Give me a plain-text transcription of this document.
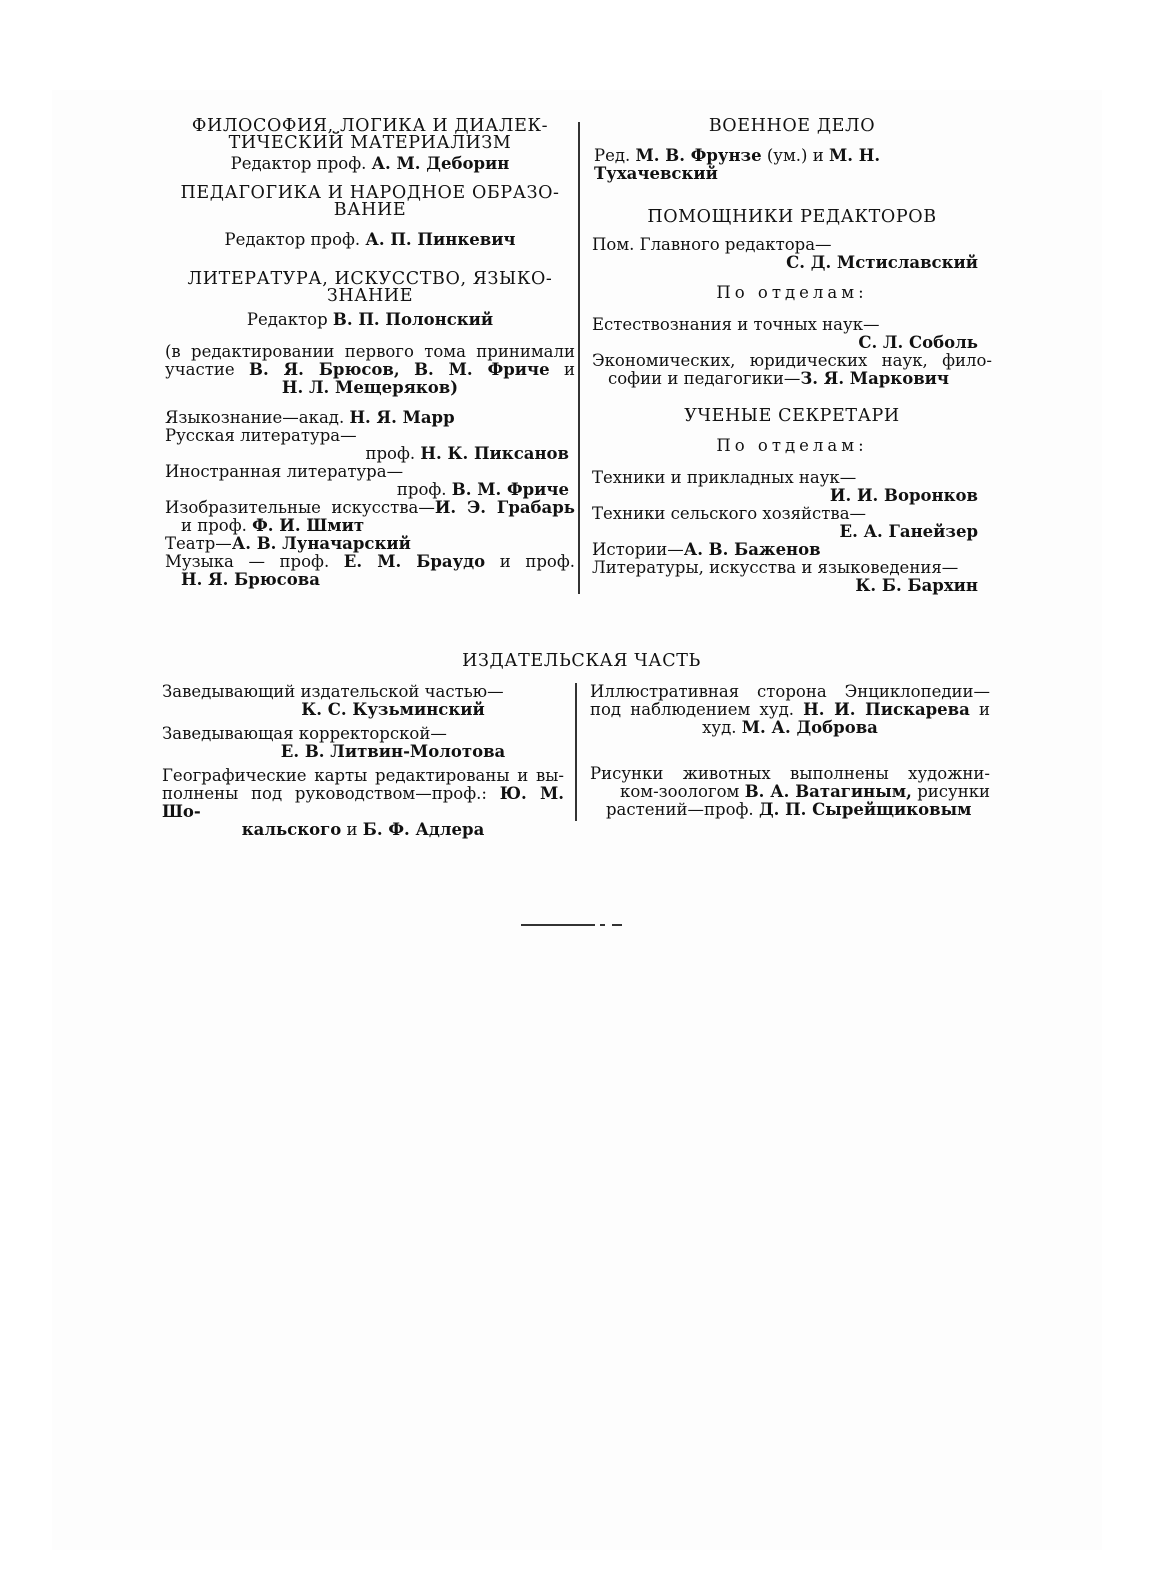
ФИЛОСОФИЯ, ЛОГИКА И ДИАЛЕК-
ТИЧЕСКИЙ МАТЕРИАЛИЗМ

Редактор проф. А. М. Деборин

ПЕДАГОГИКА И НАРОДНОЕ ОБРАЗО-
ВАНИЕ

Редактор проф. А. П. Пинкевич

ЛИТЕРАТУРА, ИСКУССТВО, ЯЗЫКО-
ЗНАНИЕ

Редактор В. П. Полонский

(в редактировании первого тома принимали

участие В. Я. Брюсов, В. М. Фриче и

Н. Л. Мещеряков)

Языкознание—акад. Н. Я. Марр

Русская литература—

проф. Н. К. Пиксанов

Иностранная литература—

проф. В. М. Фриче

Изобразительные искусства—И. Э. Грабарь

и проф. Ф. И. Шмит

Театр—А. В. Луначарский

Музыка — проф. Е. М. Браудо и проф.

Н. Я. Брюсова

ВОЕННОЕ ДЕЛО

Ред. М. В. Фрунзе (ум.) и М. Н. Тухачевский

ПОМОЩНИКИ РЕДАКТОРОВ

Пом. Главного редактора—

С. Д. Мстиславский

По отделам:

Естествознания и точных наук—

С. Л. Соболь

Экономических, юридических наук, фило-

софии и педагогики—З. Я. Маркович

УЧЕНЫЕ СЕКРЕТАРИ

По отделам:

Техники и прикладных наук—

И. И. Воронков

Техники сельского хозяйства—

Е. А. Ганейзер

Истории—А. В. Баженов

Литературы, искусства и языковедения—

К. Б. Бархин

ИЗДАТЕЛЬСКАЯ ЧАСТЬ

Заведывающий издательской частью—

К. С. Кузьминский

Заведывающая корректорской—

Е. В. Литвин-Молотова

Географические карты редактированы и вы-

полнены под руководством—проф.: Ю. М. Шо-

кальского и Б. Ф. Адлера

Иллюстративная сторона Энциклопедии—

под наблюдением худ. Н. И. Пискарева и

худ. М. А. Доброва

Рисунки животных выполнены художни-

ком-зоологом В. А. Ватагиным, рисунки

растений—проф. Д. П. Сырейщиковым
